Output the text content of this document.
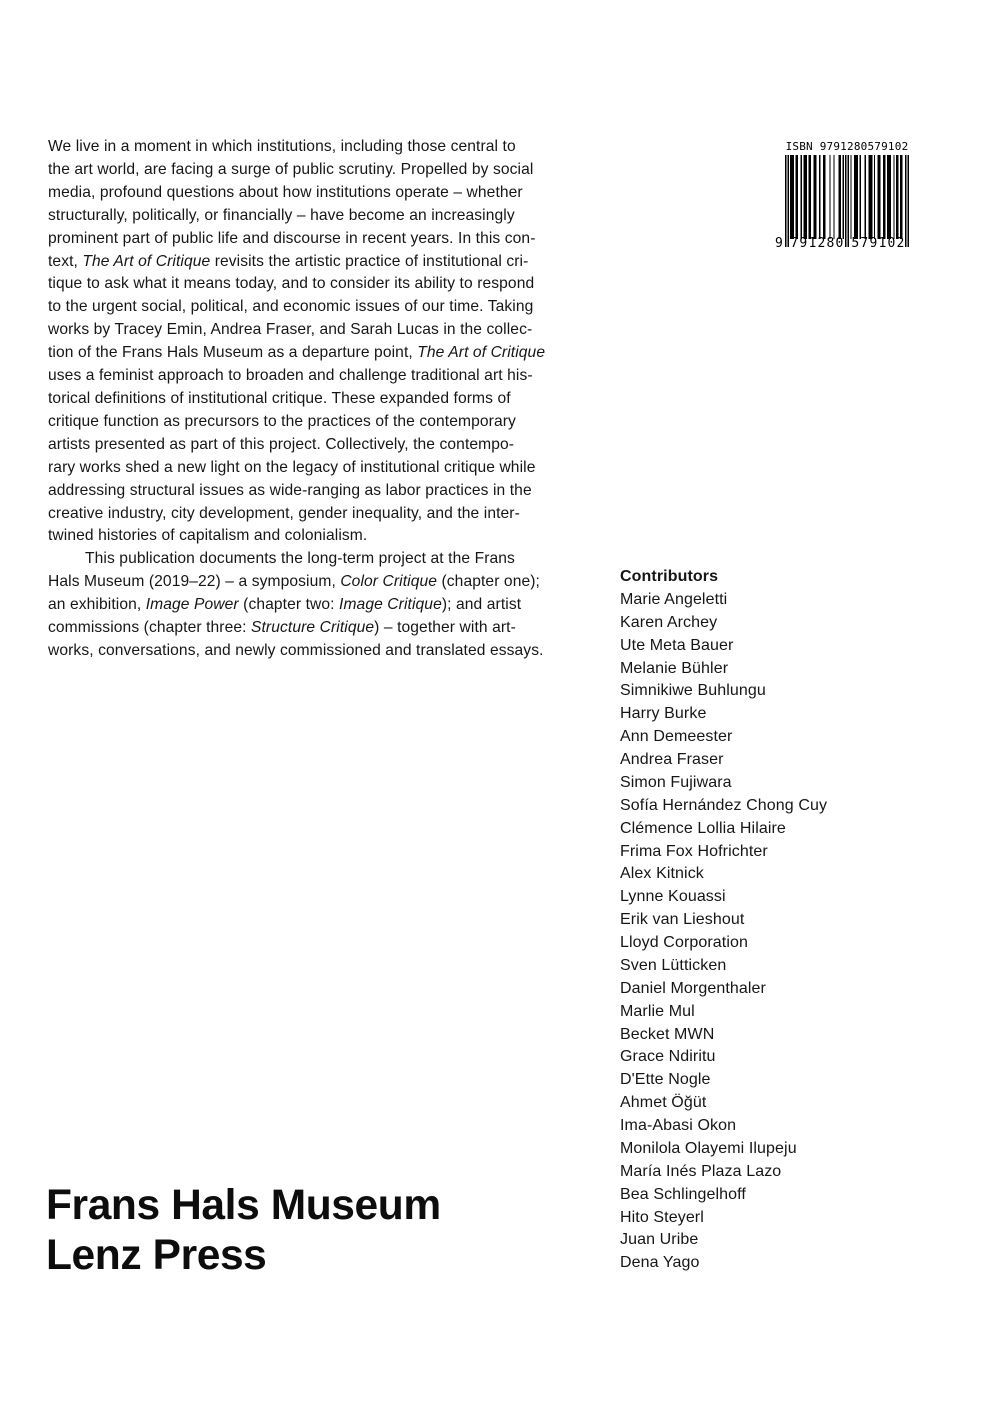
We live in a moment in which institutions, including those central to
the art world, are facing a surge of public scrutiny. Propelled by social
media, profound questions about how institutions operate – whether
structurally, politically, or financially – have become an increasingly
prominent part of public life and discourse in recent years. In this con-
text, The Art of Critique revisits the artistic practice of institutional cri-
tique to ask what it means today, and to consider its ability to respond
to the urgent social, political, and economic issues of our time. Taking
works by Tracey Emin, Andrea Fraser, and Sarah Lucas in the collec-
tion of the Frans Hals Museum as a departure point, The Art of Critique
uses a feminist approach to broaden and challenge traditional art his-
torical definitions of institutional critique. These expanded forms of
critique function as precursors to the practices of the contemporary
artists presented as part of this project. Collectively, the contempo-
rary works shed a new light on the legacy of institutional critique while
addressing structural issues as wide-ranging as labor practices in the
creative industry, city development, gender inequality, and the inter-
twined histories of capitalism and colonialism.
This publication documents the long-term project at the Frans
Hals Museum (2019–22) – a symposium, Color Critique (chapter one);
an exhibition, Image Power (chapter two: Image Critique); and artist
commissions (chapter three: Structure Critique) – together with art-
works, conversations, and newly commissioned and translated essays.
ISBN 9791280579102
9 791280 579102
Contributors
Marie Angeletti
Karen Archey
Ute Meta Bauer
Melanie Bühler
Simnikiwe Buhlungu
Harry Burke
Ann Demeester
Andrea Fraser
Simon Fujiwara
Sofía Hernández Chong Cuy
Clémence Lollia Hilaire
Frima Fox Hofrichter
Alex Kitnick
Lynne Kouassi
Erik van Lieshout
Lloyd Corporation
Sven Lütticken
Daniel Morgenthaler
Marlie Mul
Becket MWN
Grace Ndiritu
D'Ette Nogle
Ahmet Öğüt
Ima-Abasi Okon
Monilola Olayemi Ilupeju
María Inés Plaza Lazo
Bea Schlingelhoff
Hito Steyerl
Juan Uribe
Dena Yago
Frans Hals Museum
Lenz Press
